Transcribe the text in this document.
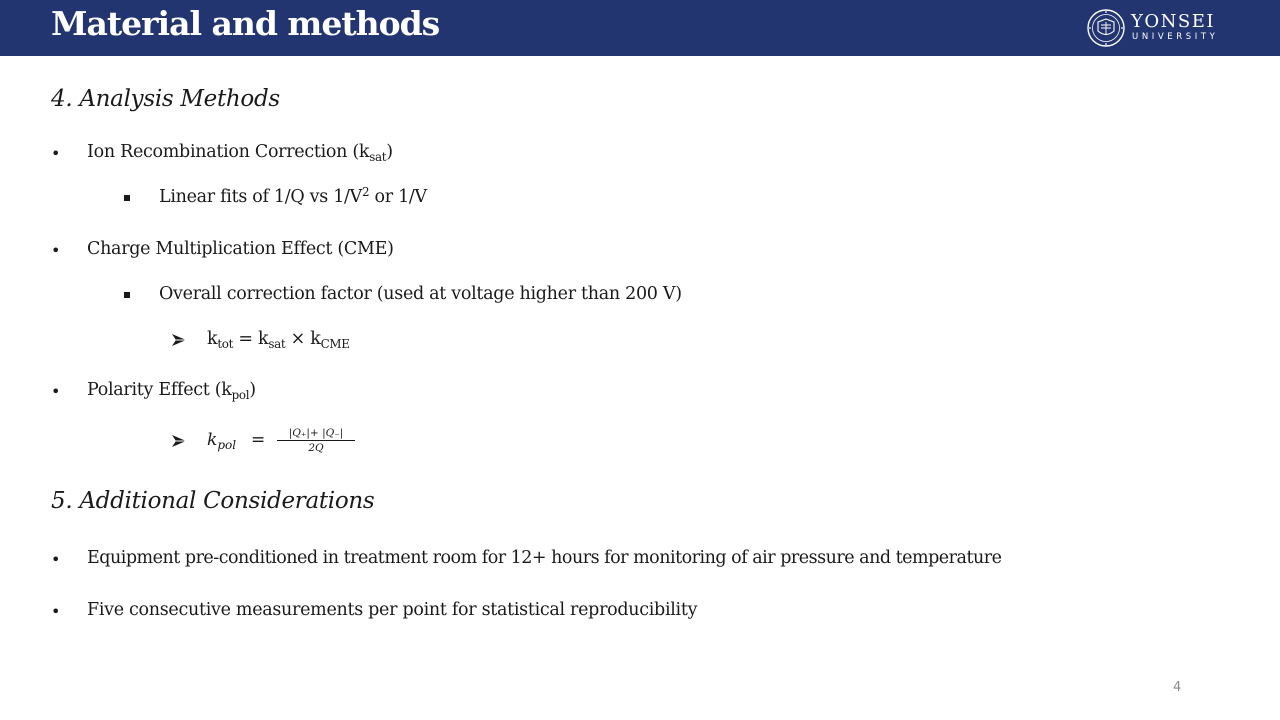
Material and methods	YONSEI
UNIVERSITY
4. Analysis Methods
• Ion Recombination Correction $(k_{sat})$
Linear fits of 1/Q vs $1/V^2$ or 1/V
• Charge Multiplication Effect (CME)
Overall correction factor (used at voltage higher than 200 V)
$k_{tot} = k_{sat} \times k_{CME}$
• Polarity Effect $(k_{pol})$
$k_{pol}$ =	|Q₊|+ |Q₋|
2Q
5. Additional Considerations
• Equipment pre-conditioned in treatment room for 12+ hours for monitoring of air pressure and temperature
• Five consecutive measurements per point for statistical reproducibility
4
